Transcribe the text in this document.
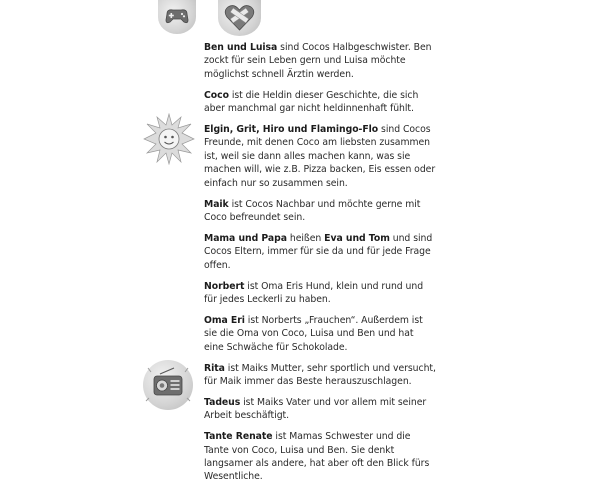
Ben und Luisa sind Cocos Halbgeschwister. Ben zockt für sein Leben gern und Luisa möchte möglichst schnell Ärztin werden.

Coco ist die Heldin dieser Geschichte, die sich aber manchmal gar nicht heldinnenhaft fühlt.

Elgin, Grit, Hiro und Flamingo-Flo sind Cocos Freunde, mit denen Coco am liebsten zusammen ist, weil sie dann alles machen kann, was sie machen will, wie z.B. Pizza backen, Eis essen oder einfach nur so zusammen sein.

Maik ist Cocos Nachbar und möchte gerne mit Coco befreundet sein.

Mama und Papa heißen Eva und Tom und sind Cocos Eltern, immer für sie da und für jede Frage offen.

Norbert ist Oma Eris Hund, klein und rund und für jedes Leckerli zu haben.

Oma Eri ist Norberts „Frauchen“. Außerdem ist sie die Oma von Coco, Luisa und Ben und hat eine Schwäche für Schokolade.

Rita ist Maiks Mutter, sehr sportlich und versucht, für Maik immer das Beste herauszuschlagen.

Tadeus ist Maiks Vater und vor allem mit seiner Arbeit beschäftigt.

Tante Renate ist Mamas Schwester und die Tante von Coco, Luisa und Ben. Sie denkt langsamer als andere, hat aber oft den Blick fürs Wesentliche.
